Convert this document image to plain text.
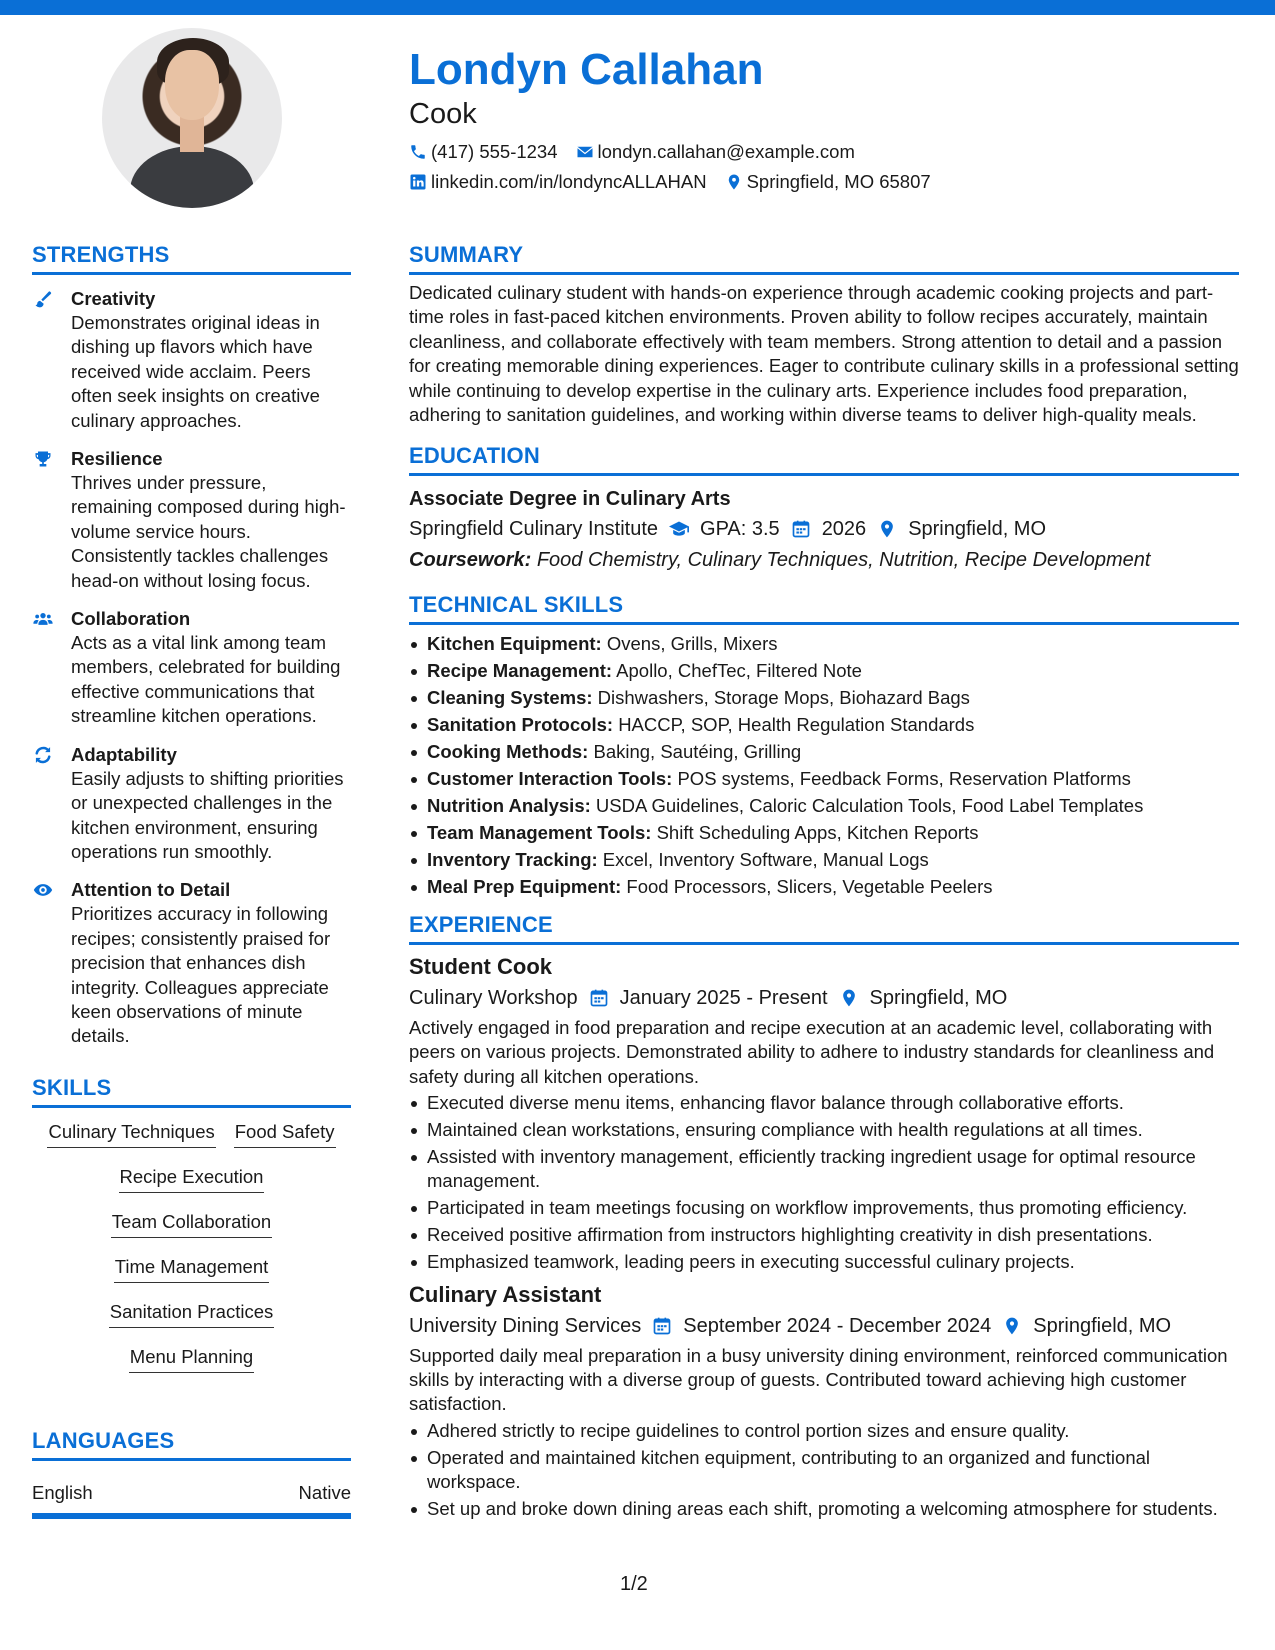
Londyn Callahan
Cook
(417) 555-1234 londyn.callahan@example.com
linkedin.com/in/londyncALLAHAN Springfield, MO 65807
STRENGTHS
Creativity
Demonstrates original ideas in dishing up flavors which have received wide acclaim. Peers often seek insights on creative culinary approaches.
Resilience
Thrives under pressure, remaining composed during high-volume service hours. Consistently tackles challenges head-on without losing focus.
Collaboration
Acts as a vital link among team members, celebrated for building effective communications that streamline kitchen operations.
Adaptability
Easily adjusts to shifting priorities or unexpected challenges in the kitchen environment, ensuring operations run smoothly.
Attention to Detail
Prioritizes accuracy in following recipes; consistently praised for precision that enhances dish integrity. Colleagues appreciate keen observations of minute details.
SKILLS
Culinary Techniques Food Safety
Recipe Execution
Team Collaboration
Time Management
Sanitation Practices
Menu Planning
LANGUAGES
English	Native
SUMMARY
Dedicated culinary student with hands-on experience through academic cooking projects and part-time roles in fast-paced kitchen environments. Proven ability to follow recipes accurately, maintain cleanliness, and collaborate effectively with team members. Strong attention to detail and a passion for creating memorable dining experiences. Eager to contribute culinary skills in a professional setting while continuing to develop expertise in the culinary arts. Experience includes food preparation, adhering to sanitation guidelines, and working within diverse teams to deliver high-quality meals.
EDUCATION
Associate Degree in Culinary Arts
Springfield Culinary Institute GPA: 3.5 2026 Springfield, MO
Coursework: Food Chemistry, Culinary Techniques, Nutrition, Recipe Development
TECHNICAL SKILLS
Kitchen Equipment: Ovens, Grills, Mixers
Recipe Management: Apollo, ChefTec, Filtered Note
Cleaning Systems: Dishwashers, Storage Mops, Biohazard Bags
Sanitation Protocols: HACCP, SOP, Health Regulation Standards
Cooking Methods: Baking, Sautéing, Grilling
Customer Interaction Tools: POS systems, Feedback Forms, Reservation Platforms
Nutrition Analysis: USDA Guidelines, Caloric Calculation Tools, Food Label Templates
Team Management Tools: Shift Scheduling Apps, Kitchen Reports
Inventory Tracking: Excel, Inventory Software, Manual Logs
Meal Prep Equipment: Food Processors, Slicers, Vegetable Peelers
EXPERIENCE
Student Cook
Culinary Workshop January 2025 - Present Springfield, MO
Actively engaged in food preparation and recipe execution at an academic level, collaborating with peers on various projects. Demonstrated ability to adhere to industry standards for cleanliness and safety during all kitchen operations.
Executed diverse menu items, enhancing flavor balance through collaborative efforts.
Maintained clean workstations, ensuring compliance with health regulations at all times.
Assisted with inventory management, efficiently tracking ingredient usage for optimal resource management.
Participated in team meetings focusing on workflow improvements, thus promoting efficiency.
Received positive affirmation from instructors highlighting creativity in dish presentations.
Emphasized teamwork, leading peers in executing successful culinary projects.
Culinary Assistant
University Dining Services September 2024 - December 2024 Springfield, MO
Supported daily meal preparation in a busy university dining environment, reinforced communication skills by interacting with a diverse group of guests. Contributed toward achieving high customer satisfaction.
Adhered strictly to recipe guidelines to control portion sizes and ensure quality.
Operated and maintained kitchen equipment, contributing to an organized and functional workspace.
Set up and broke down dining areas each shift, promoting a welcoming atmosphere for students.
1/2
